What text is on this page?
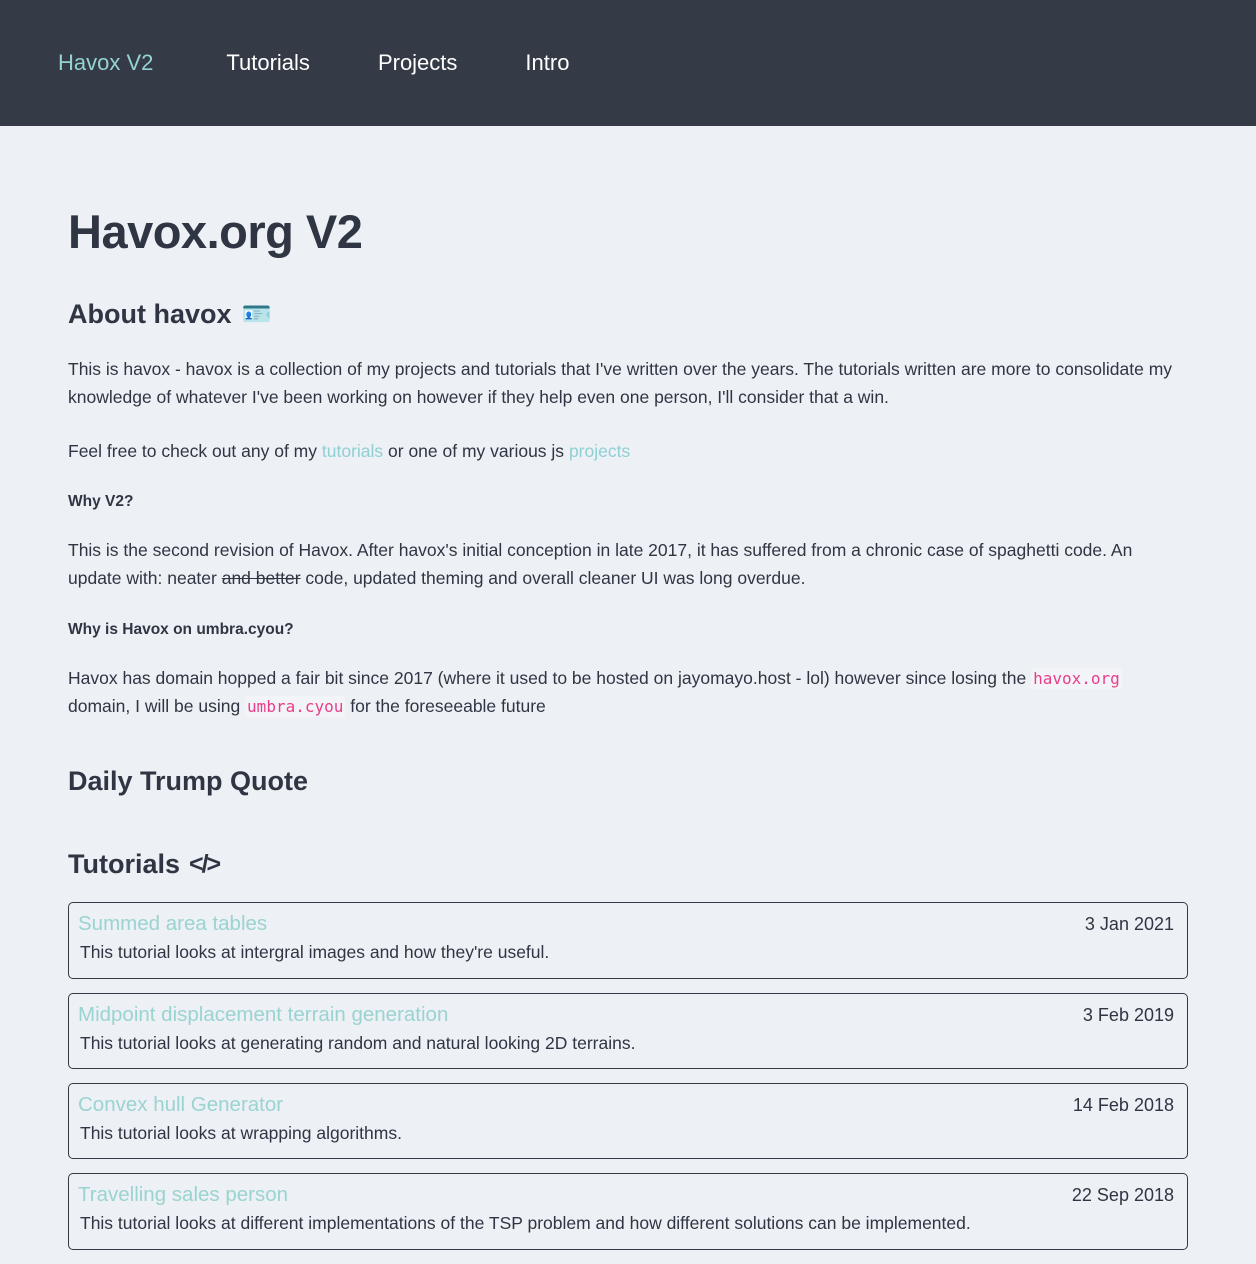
Havox V2	Tutorials	Projects	Intro
Havox.org V2
About havox 🪪

This is havox - havox is a collection of my projects and tutorials that I've written over the years. The tutorials written are more to consolidate my knowledge of whatever I've been working on however if they help even one person, I'll consider that a win.

Feel free to check out any of my tutorials or one of my various js projects

Why V2?

This is the second revision of Havox. After havox's initial conception in late 2017, it has suffered from a chronic case of spaghetti code. An update with: neater and better code, updated theming and overall cleaner UI was long overdue.

Why is Havox on umbra.cyou?

Havox has domain hopped a fair bit since 2017 (where it used to be hosted on jayomayo.host - lol) however since losing the havox.org domain, I will be using umbra.cyou for the foreseeable future

Daily Trump Quote
Tutorials </>
Summed area tables	3 Jan 2021
This tutorial looks at intergral images and how they're useful.
Midpoint displacement terrain generation	3 Feb 2019
This tutorial looks at generating random and natural looking 2D terrains.
Convex hull Generator	14 Feb 2018
This tutorial looks at wrapping algorithms.
Travelling sales person	22 Sep 2018
This tutorial looks at different implementations of the TSP problem and how different solutions can be implemented.
